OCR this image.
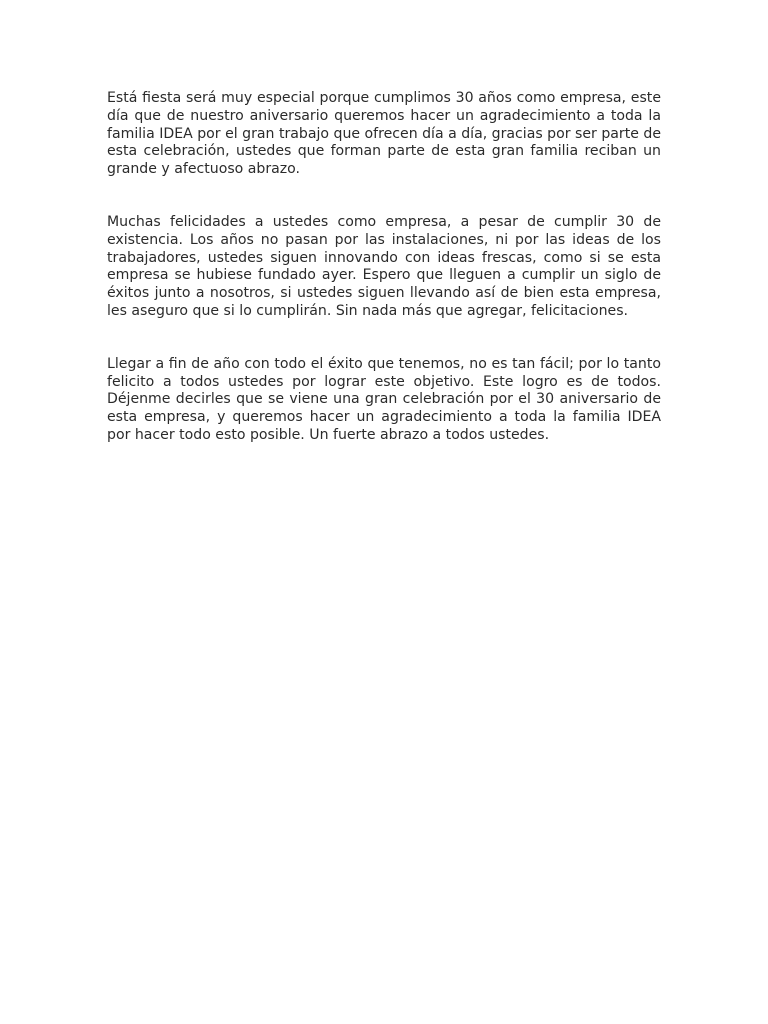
Está fiesta será muy especial porque cumplimos 30 años como empresa, este día que de nuestro aniversario queremos hacer un agradecimiento a toda la familia IDEA por el gran trabajo que ofrecen día a día, gracias por ser parte de esta celebración, ustedes que forman parte de esta gran familia reciban un grande y afectuoso abrazo.

Muchas felicidades a ustedes como empresa, a pesar de cumplir 30 de existencia. Los años no pasan por las instalaciones, ni por las ideas de los trabajadores, ustedes siguen innovando con ideas frescas, como si se esta empresa se hubiese fundado ayer. Espero que lleguen a cumplir un siglo de éxitos junto a nosotros, si ustedes siguen llevando así de bien esta empresa, les aseguro que si lo cumplirán. Sin nada más que agregar, felicitaciones.

Llegar a fin de año con todo el éxito que tenemos, no es tan fácil; por lo tanto felicito a todos ustedes por lograr este objetivo. Este logro es de todos. Déjenme decirles que se viene una gran celebración por el 30 aniversario de esta empresa, y queremos hacer un agradecimiento a toda la familia IDEA por hacer todo esto posible. Un fuerte abrazo a todos ustedes.
